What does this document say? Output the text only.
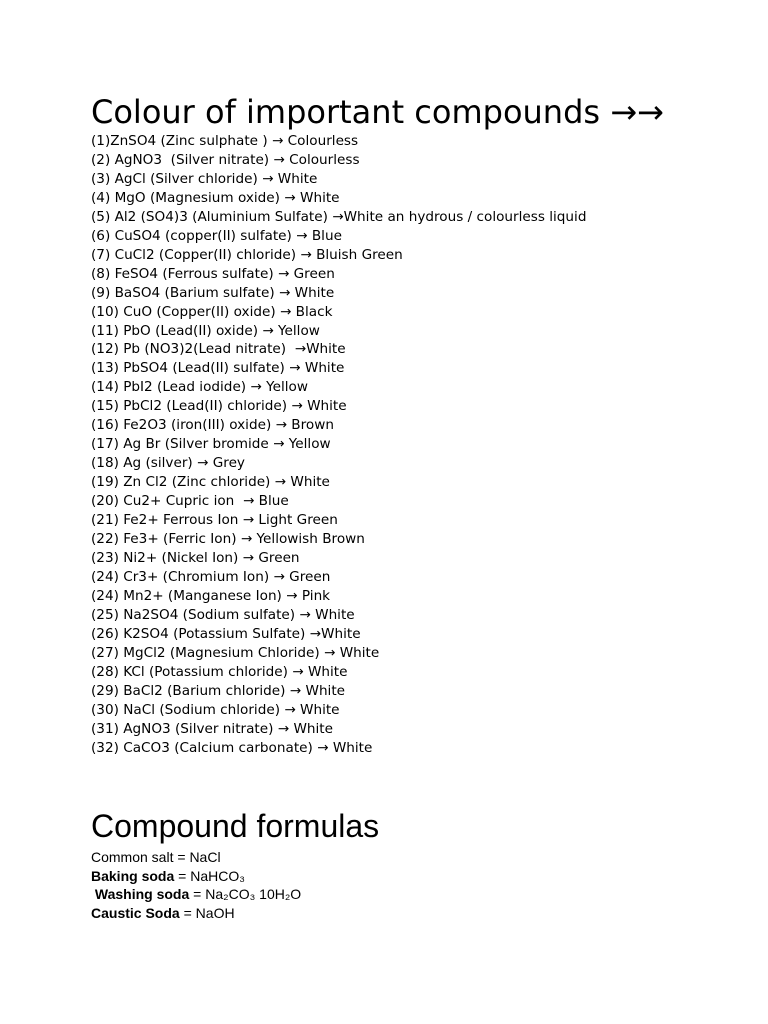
Colour of important compounds →→
(1)ZnSO4 (Zinc sulphate ) → Colourless
(2) AgNO3  (Silver nitrate) → Colourless
(3) AgCl (Silver chloride) → White
(4) MgO (Magnesium oxide) → White
(5) Al2 (SO4)3 (Aluminium Sulfate) →White an hydrous / colourless liquid
(6) CuSO4 (copper(II) sulfate) → Blue
(7) CuCl2 (Copper(II) chloride) → Bluish Green
(8) FeSO4 (Ferrous sulfate) → Green
(9) BaSO4 (Barium sulfate) → White
(10) CuO (Copper(II) oxide) → Black
(11) PbO (Lead(II) oxide) → Yellow
(12) Pb (NO3)2(Lead nitrate)  →White
(13) PbSO4 (Lead(II) sulfate) → White
(14) PbI2 (Lead iodide) → Yellow
(15) PbCl2 (Lead(II) chloride) → White
(16) Fe2O3 (iron(III) oxide) → Brown
(17) Ag Br (Silver bromide → Yellow
(18) Ag (silver) → Grey
(19) Zn Cl2 (Zinc chloride) → White
(20) Cu2+ Cupric ion  → Blue
(21) Fe2+ Ferrous Ion → Light Green
(22) Fe3+ (Ferric Ion) → Yellowish Brown
(23) Ni2+ (Nickel Ion) → Green
(24) Cr3+ (Chromium Ion) → Green
(24) Mn2+ (Manganese Ion) → Pink
(25) Na2SO4 (Sodium sulfate) → White
(26) K2SO4 (Potassium Sulfate) →White
(27) MgCl2 (Magnesium Chloride) → White
(28) KCl (Potassium chloride) → White
(29) BaCl2 (Barium chloride) → White
(30) NaCl (Sodium chloride) → White
(31) AgNO3 (Silver nitrate) → White
(32) CaCO3 (Calcium carbonate) → White
Compound formulas
Common salt = NaCl
Baking soda = NaHCO₃
Washing soda = Na₂CO₃ 10H₂O
Caustic Soda = NaOH
